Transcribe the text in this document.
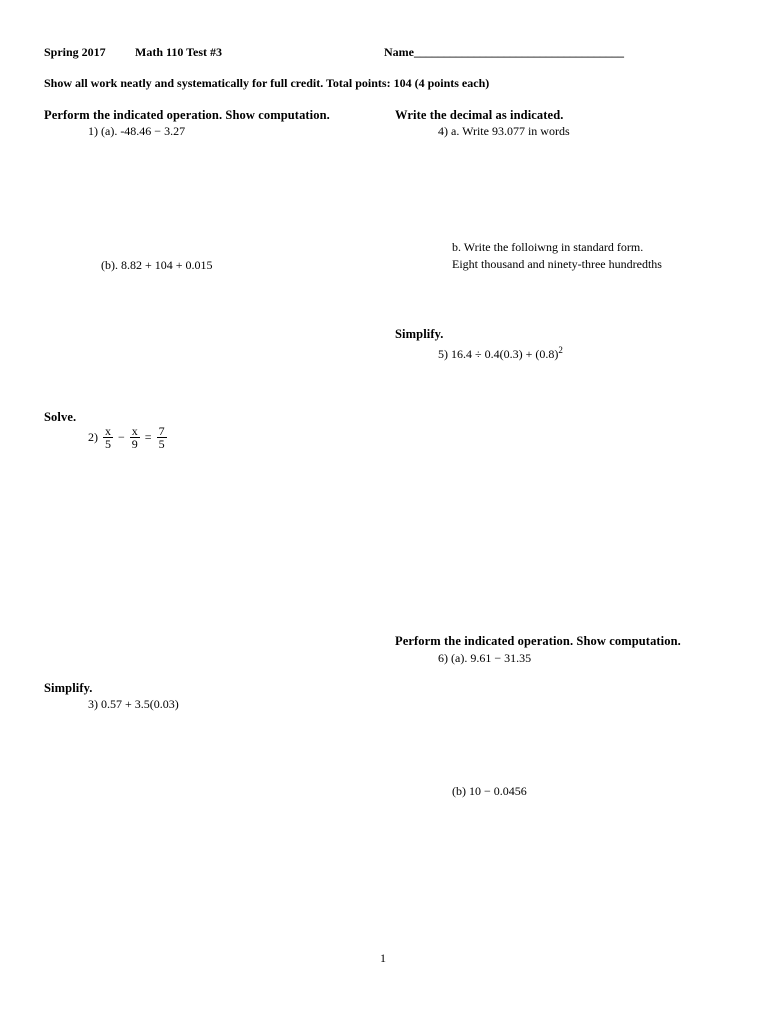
Spring 2017 Math 110 Test #3	Name___________________________________
Show all work neatly and systematically for full credit. Total points: 104 (4 points each)
Perform the indicated operation. Show computation.
1) (a). -48.46 − 3.27
(b). 8.82 + 104 + 0.015
Solve.
$2) \frac{x}{5} - \frac{x}{9} = \frac{7}{5}$
Simplify.
3) 0.57 + 3.5(0.03)
Write the decimal as indicated.
4) a. Write 93.077 in words
b. Write the folloiwng in standard form.
Eight thousand and ninety-three hundredths
Simplify.
5) $16.4 \div 0.4(0.3) + (0.8)^2$
Perform the indicated operation. Show computation.
6) (a). 9.61 − 31.35
(b) 10 − 0.0456
1
